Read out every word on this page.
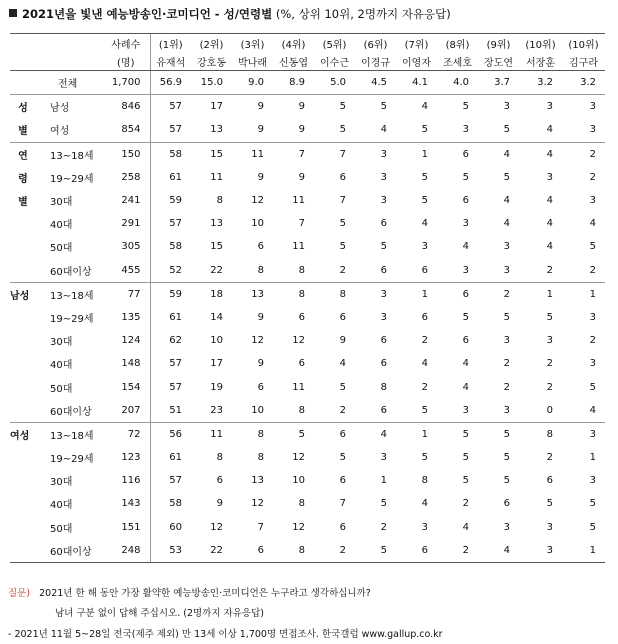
2021년을 빛낸 예능방송인·코미디언 - 성/연령별 (%, 상위 10위, 2명까지 자유응답)
		사례수	(1위)	(2위)	(3위)	(4위)	(5위)	(6위)	(7위)	(8위)	(9위)	(10위)	(10위)
		(명)	유재석	강호동	박나래	신동엽	이수근	이경규	이영자	조세호	장도연	서장훈	김구라
	전체	1,700	56.9	15.0	9.0	8.9	5.0	4.5	4.1	4.0	3.7	3.2	3.2
성	남성	846	57	17	9	9	5	5	4	5	3	3	3
별	여성	854	57	13	9	9	5	4	5	3	5	4	3
연	13~18세	150	58	15	11	7	7	3	1	6	4	4	2
령	19~29세	258	61	11	9	9	6	3	5	5	5	3	2
별	30대	241	59	8	12	11	7	3	5	6	4	4	3
	40대	291	57	13	10	7	5	6	4	3	4	4	4
	50대	305	58	15	6	11	5	5	3	4	3	4	5
	60대이상	455	52	22	8	8	2	6	6	3	3	2	2
남성	13~18세	77	59	18	13	8	8	3	1	6	2	1	1
	19~29세	135	61	14	9	6	6	3	6	5	5	5	3
	30대	124	62	10	12	12	9	6	2	6	3	3	2
	40대	148	57	17	9	6	4	6	4	4	2	2	3
	50대	154	57	19	6	11	5	8	2	4	2	2	5
	60대이상	207	51	23	10	8	2	6	5	3	3	0	4
여성	13~18세	72	56	11	8	5	6	4	1	5	5	8	3
	19~29세	123	61	8	8	12	5	3	5	5	5	2	1
	30대	116	57	6	13	10	6	1	8	5	5	6	3
	40대	143	58	9	12	8	7	5	4	2	6	5	5
	50대	151	60	12	7	12	6	2	3	4	3	3	5
	60대이상	248	53	22	6	8	2	5	6	2	4	3	1
질문) 2021년 한 해 동안 가장 활약한 예능방송인·코미디언은 누구라고 생각하십니까?
남녀 구분 없이 답해 주십시오. (2명까지 자유응답)
- 2021년 11월 5~28일 전국(제주 제외) 만 13세 이상 1,700명 면접조사. 한국갤럽 www.gallup.co.kr
